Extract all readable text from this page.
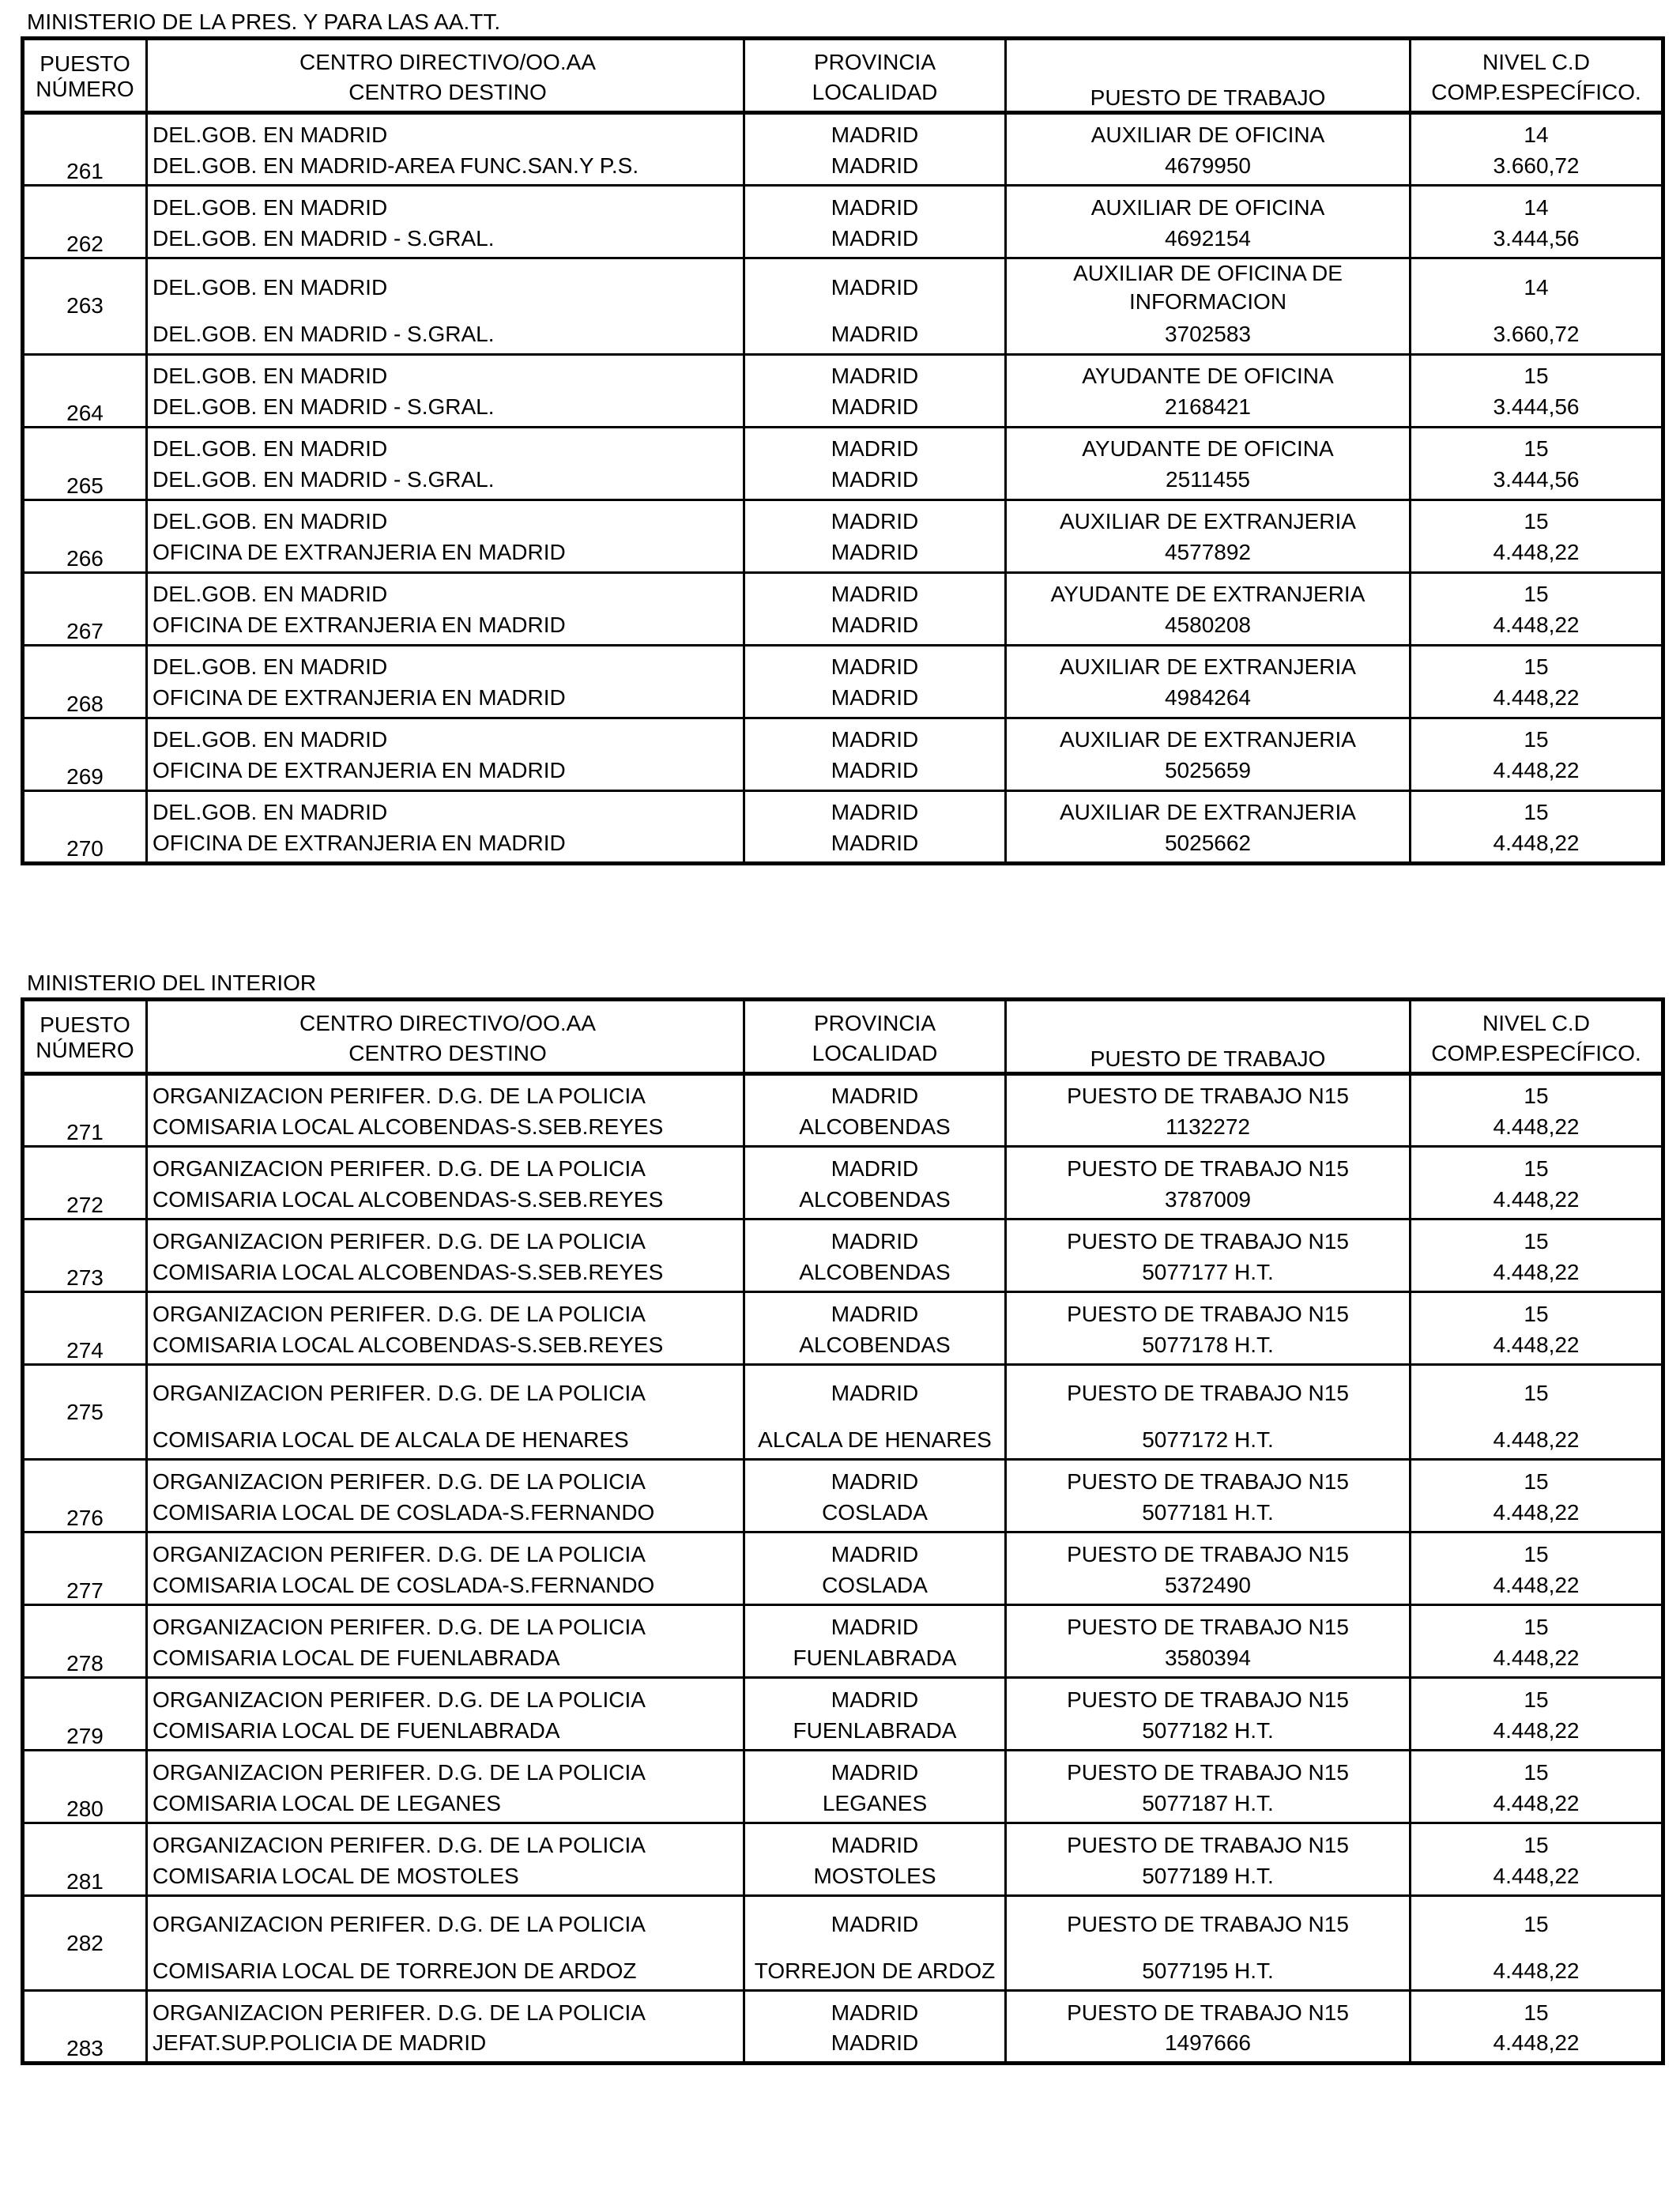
MINISTERIO DE LA PRES. Y PARA LAS AA.TT.
PUESTO
NÚMERO	CENTRO DIRECTIVO/OO.AA	PROVINCIA	PUESTO DE TRABAJO	NIVEL C.D
	CENTRO DESTINO	LOCALIDAD		COMP.ESPECÍFICO.
261	DEL.GOB. EN MADRID	MADRID	AUXILIAR DE OFICINA	14
	DEL.GOB. EN MADRID-AREA FUNC.SAN.Y P.S.	MADRID	4679950	3.660,72
262	DEL.GOB. EN MADRID	MADRID	AUXILIAR DE OFICINA	14
	DEL.GOB. EN MADRID - S.GRAL.	MADRID	4692154	3.444,56
263	DEL.GOB. EN MADRID	MADRID	AUXILIAR DE OFICINA DE INFORMACION	14
	DEL.GOB. EN MADRID - S.GRAL.	MADRID	3702583	3.660,72
264	DEL.GOB. EN MADRID	MADRID	AYUDANTE DE OFICINA	15
	DEL.GOB. EN MADRID - S.GRAL.	MADRID	2168421	3.444,56
265	DEL.GOB. EN MADRID	MADRID	AYUDANTE DE OFICINA	15
	DEL.GOB. EN MADRID - S.GRAL.	MADRID	2511455	3.444,56
266	DEL.GOB. EN MADRID	MADRID	AUXILIAR DE EXTRANJERIA	15
	OFICINA DE EXTRANJERIA EN MADRID	MADRID	4577892	4.448,22
267	DEL.GOB. EN MADRID	MADRID	AYUDANTE DE EXTRANJERIA	15
	OFICINA DE EXTRANJERIA EN MADRID	MADRID	4580208	4.448,22
268	DEL.GOB. EN MADRID	MADRID	AUXILIAR DE EXTRANJERIA	15
	OFICINA DE EXTRANJERIA EN MADRID	MADRID	4984264	4.448,22
269	DEL.GOB. EN MADRID	MADRID	AUXILIAR DE EXTRANJERIA	15
	OFICINA DE EXTRANJERIA EN MADRID	MADRID	5025659	4.448,22
270	DEL.GOB. EN MADRID	MADRID	AUXILIAR DE EXTRANJERIA	15
	OFICINA DE EXTRANJERIA EN MADRID	MADRID	5025662	4.448,22
MINISTERIO DEL INTERIOR
PUESTO
NÚMERO	CENTRO DIRECTIVO/OO.AA	PROVINCIA	PUESTO DE TRABAJO	NIVEL C.D
	CENTRO DESTINO	LOCALIDAD		COMP.ESPECÍFICO.
271	ORGANIZACION PERIFER. D.G. DE LA POLICIA	MADRID	PUESTO DE TRABAJO N15	15
	COMISARIA LOCAL ALCOBENDAS-S.SEB.REYES	ALCOBENDAS	1132272	4.448,22
272	ORGANIZACION PERIFER. D.G. DE LA POLICIA	MADRID	PUESTO DE TRABAJO N15	15
	COMISARIA LOCAL ALCOBENDAS-S.SEB.REYES	ALCOBENDAS	3787009	4.448,22
273	ORGANIZACION PERIFER. D.G. DE LA POLICIA	MADRID	PUESTO DE TRABAJO N15	15
	COMISARIA LOCAL ALCOBENDAS-S.SEB.REYES	ALCOBENDAS	5077177 H.T.	4.448,22
274	ORGANIZACION PERIFER. D.G. DE LA POLICIA	MADRID	PUESTO DE TRABAJO N15	15
	COMISARIA LOCAL ALCOBENDAS-S.SEB.REYES	ALCOBENDAS	5077178 H.T.	4.448,22
275	ORGANIZACION PERIFER. D.G. DE LA POLICIA	MADRID	PUESTO DE TRABAJO N15	15
	COMISARIA LOCAL DE ALCALA DE HENARES	ALCALA DE HENARES	5077172 H.T.	4.448,22
276	ORGANIZACION PERIFER. D.G. DE LA POLICIA	MADRID	PUESTO DE TRABAJO N15	15
	COMISARIA LOCAL DE COSLADA-S.FERNANDO	COSLADA	5077181 H.T.	4.448,22
277	ORGANIZACION PERIFER. D.G. DE LA POLICIA	MADRID	PUESTO DE TRABAJO N15	15
	COMISARIA LOCAL DE COSLADA-S.FERNANDO	COSLADA	5372490	4.448,22
278	ORGANIZACION PERIFER. D.G. DE LA POLICIA	MADRID	PUESTO DE TRABAJO N15	15
	COMISARIA LOCAL DE FUENLABRADA	FUENLABRADA	3580394	4.448,22
279	ORGANIZACION PERIFER. D.G. DE LA POLICIA	MADRID	PUESTO DE TRABAJO N15	15
	COMISARIA LOCAL DE FUENLABRADA	FUENLABRADA	5077182 H.T.	4.448,22
280	ORGANIZACION PERIFER. D.G. DE LA POLICIA	MADRID	PUESTO DE TRABAJO N15	15
	COMISARIA LOCAL DE LEGANES	LEGANES	5077187 H.T.	4.448,22
281	ORGANIZACION PERIFER. D.G. DE LA POLICIA	MADRID	PUESTO DE TRABAJO N15	15
	COMISARIA LOCAL DE MOSTOLES	MOSTOLES	5077189 H.T.	4.448,22
282	ORGANIZACION PERIFER. D.G. DE LA POLICIA	MADRID	PUESTO DE TRABAJO N15	15
	COMISARIA LOCAL DE TORREJON DE ARDOZ	TORREJON DE ARDOZ	5077195 H.T.	4.448,22
283	ORGANIZACION PERIFER. D.G. DE LA POLICIA	MADRID	PUESTO DE TRABAJO N15	15
	JEFAT.SUP.POLICIA DE MADRID	MADRID	1497666	4.448,22
